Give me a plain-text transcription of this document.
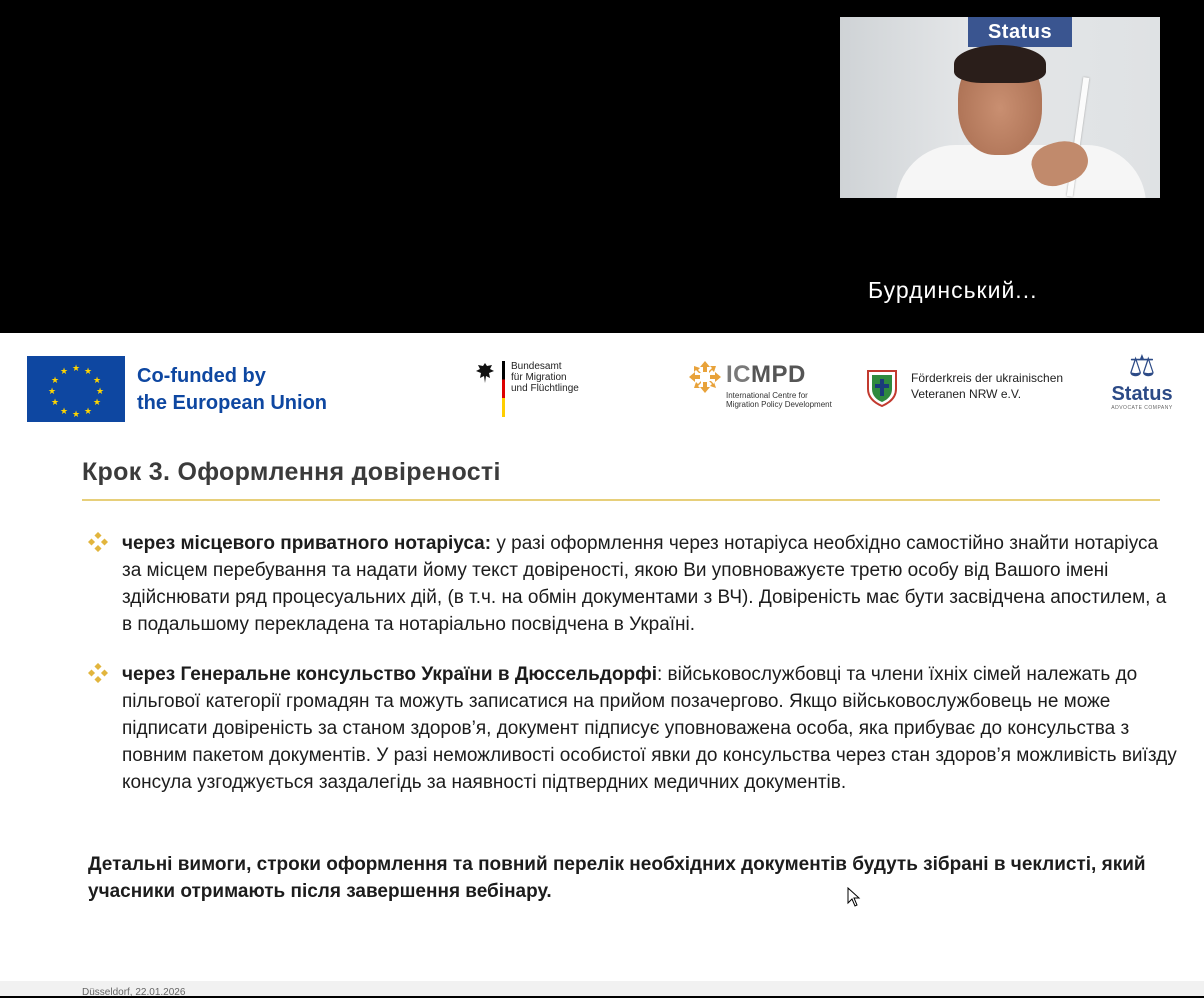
Status
Бурдинський...
★ ★
★
★
★
★
★
★
★
★
★
★	Co-funded by
the European Union
Bundesamt
für Migration
und Flüchtlinge
ICMPD
International Centre for
Migration Policy Development
Förderkreis der ukrainischen
Veteranen NRW e.V.
⚖
Status
ADVOCATE COMPANY
Крок 3. Оформлення довіреності

через місцевого приватного нотаріуса: у разі оформлення через нотаріуса необхідно самостійно знайти нотаріуса за місцем перебування та надати йому текст довіреності, якою Ви уповноважуєте третю особу від Вашого імені здійснювати ряд процесуальних дій, (в т.ч. на обмін документами з ВЧ). Довіреність має бути засвідчена апостилем, а в подальшому перекладена та нотаріально посвідчена в Україні.

через Генеральне консульство України в Дюссельдорфі: військовослужбовці та члени їхніх сімей належать до пільгової категорії громадян та можуть записатися на прийом позачергово. Якщо військовослужбовець не може підписати довіреність за станом здоров’я, документ підписує уповноважена особа, яка прибуває до консульства з повним пакетом документів. У разі неможливості особистої явки до консульства через стан здоров’я можливість виїзду консула узгоджується заздалегідь за наявності підтвердних медичних документів.

Детальні вимоги, строки оформлення та повний перелік необхідних документів будуть зібрані в чеклисті, який учасники отримають після завершення вебінару.

Düsseldorf, 22.01.2026
